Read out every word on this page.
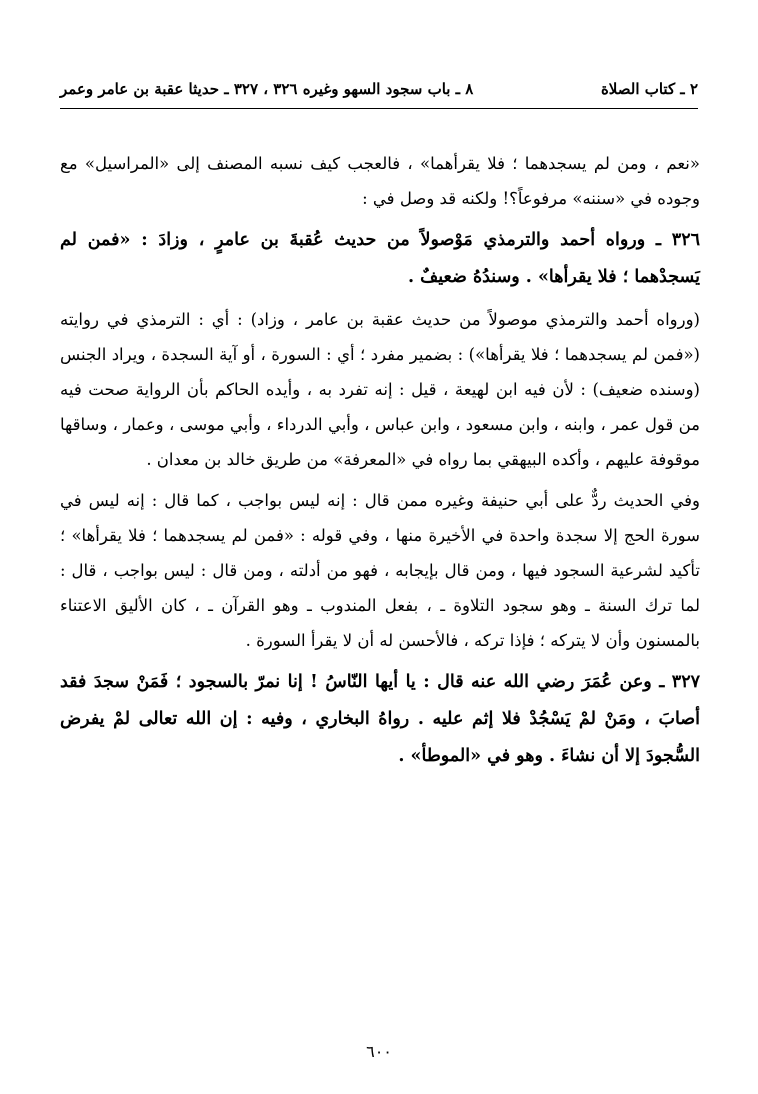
٢ ـ كتاب الصلاة
٨ ـ باب سجود السهو وغيره ٣٢٦ ، ٣٢٧ ـ حديثا عقبة بن عامر وعمر

«نعم ، ومن لم يسجدهما ؛ فلا يقرأهما» ، فالعجب كيف نسبه المصنف إلى «المراسيل» مع وجوده في «سننه» مرفوعاً؟! ولكنه قد وصل في :

٣٢٦ ـ ورواه أحمد والترمذي مَوْصولاً من حديث عُقبةَ بن عامرٍ ، وزادَ : «فمن لم يَسجدْهما ؛ فلا يقرأها» . وسندُهُ ضعيفٌ .

(ورواه أحمد والترمذي موصولاً من حديث عقبة بن عامر ، وزاد) : أي : الترمذي في روايته («فمن لم يسجدهما ؛ فلا يقرأها») : بضمير مفرد ؛ أي : السورة ، أو آية السجدة ، ويراد الجنس (وسنده ضعيف) : لأن فيه ابن لهيعة ، قيل : إنه تفرد به ، وأيده الحاكم بأن الرواية صحت فيه من قول عمر ، وابنه ، وابن مسعود ، وابن عباس ، وأبي الدرداء ، وأبي موسى ، وعمار ، وساقها موقوفة عليهم ، وأكده البيهقي بما رواه في «المعرفة» من طريق خالد بن معدان .

وفي الحديث ردٌّ على أبي حنيفة وغيره ممن قال : إنه ليس بواجب ، كما قال : إنه ليس في سورة الحج إلا سجدة واحدة في الأخيرة منها ، وفي قوله : «فمن لم يسجدهما ؛ فلا يقرأها» ؛ تأكيد لشرعية السجود فيها ، ومن قال بإيجابه ، فهو من أدلته ، ومن قال : ليس بواجب ، قال : لما ترك السنة ـ وهو سجود التلاوة ـ ، بفعل المندوب ـ وهو القرآن ـ ، كان الأليق الاعتناء بالمسنون وأن لا يتركه ؛ فإذا تركه ، فالأحسن له أن لا يقرأ السورة .

٣٢٧ ـ وعن عُمَرَ رضي الله عنه قال : يا أيها النّاسُ ! إنا نمرّ بالسجود ؛ فَمَنْ سجدَ فقد أصابَ ، ومَنْ لمْ يَسْجُدْ فلا إثم عليه . رواهُ البخاري ، وفيه : إن الله تعالى لمْ يفرض السُّجودَ إلا أن نشاءَ . وهو في «الموطأ» .

٦٠٠
